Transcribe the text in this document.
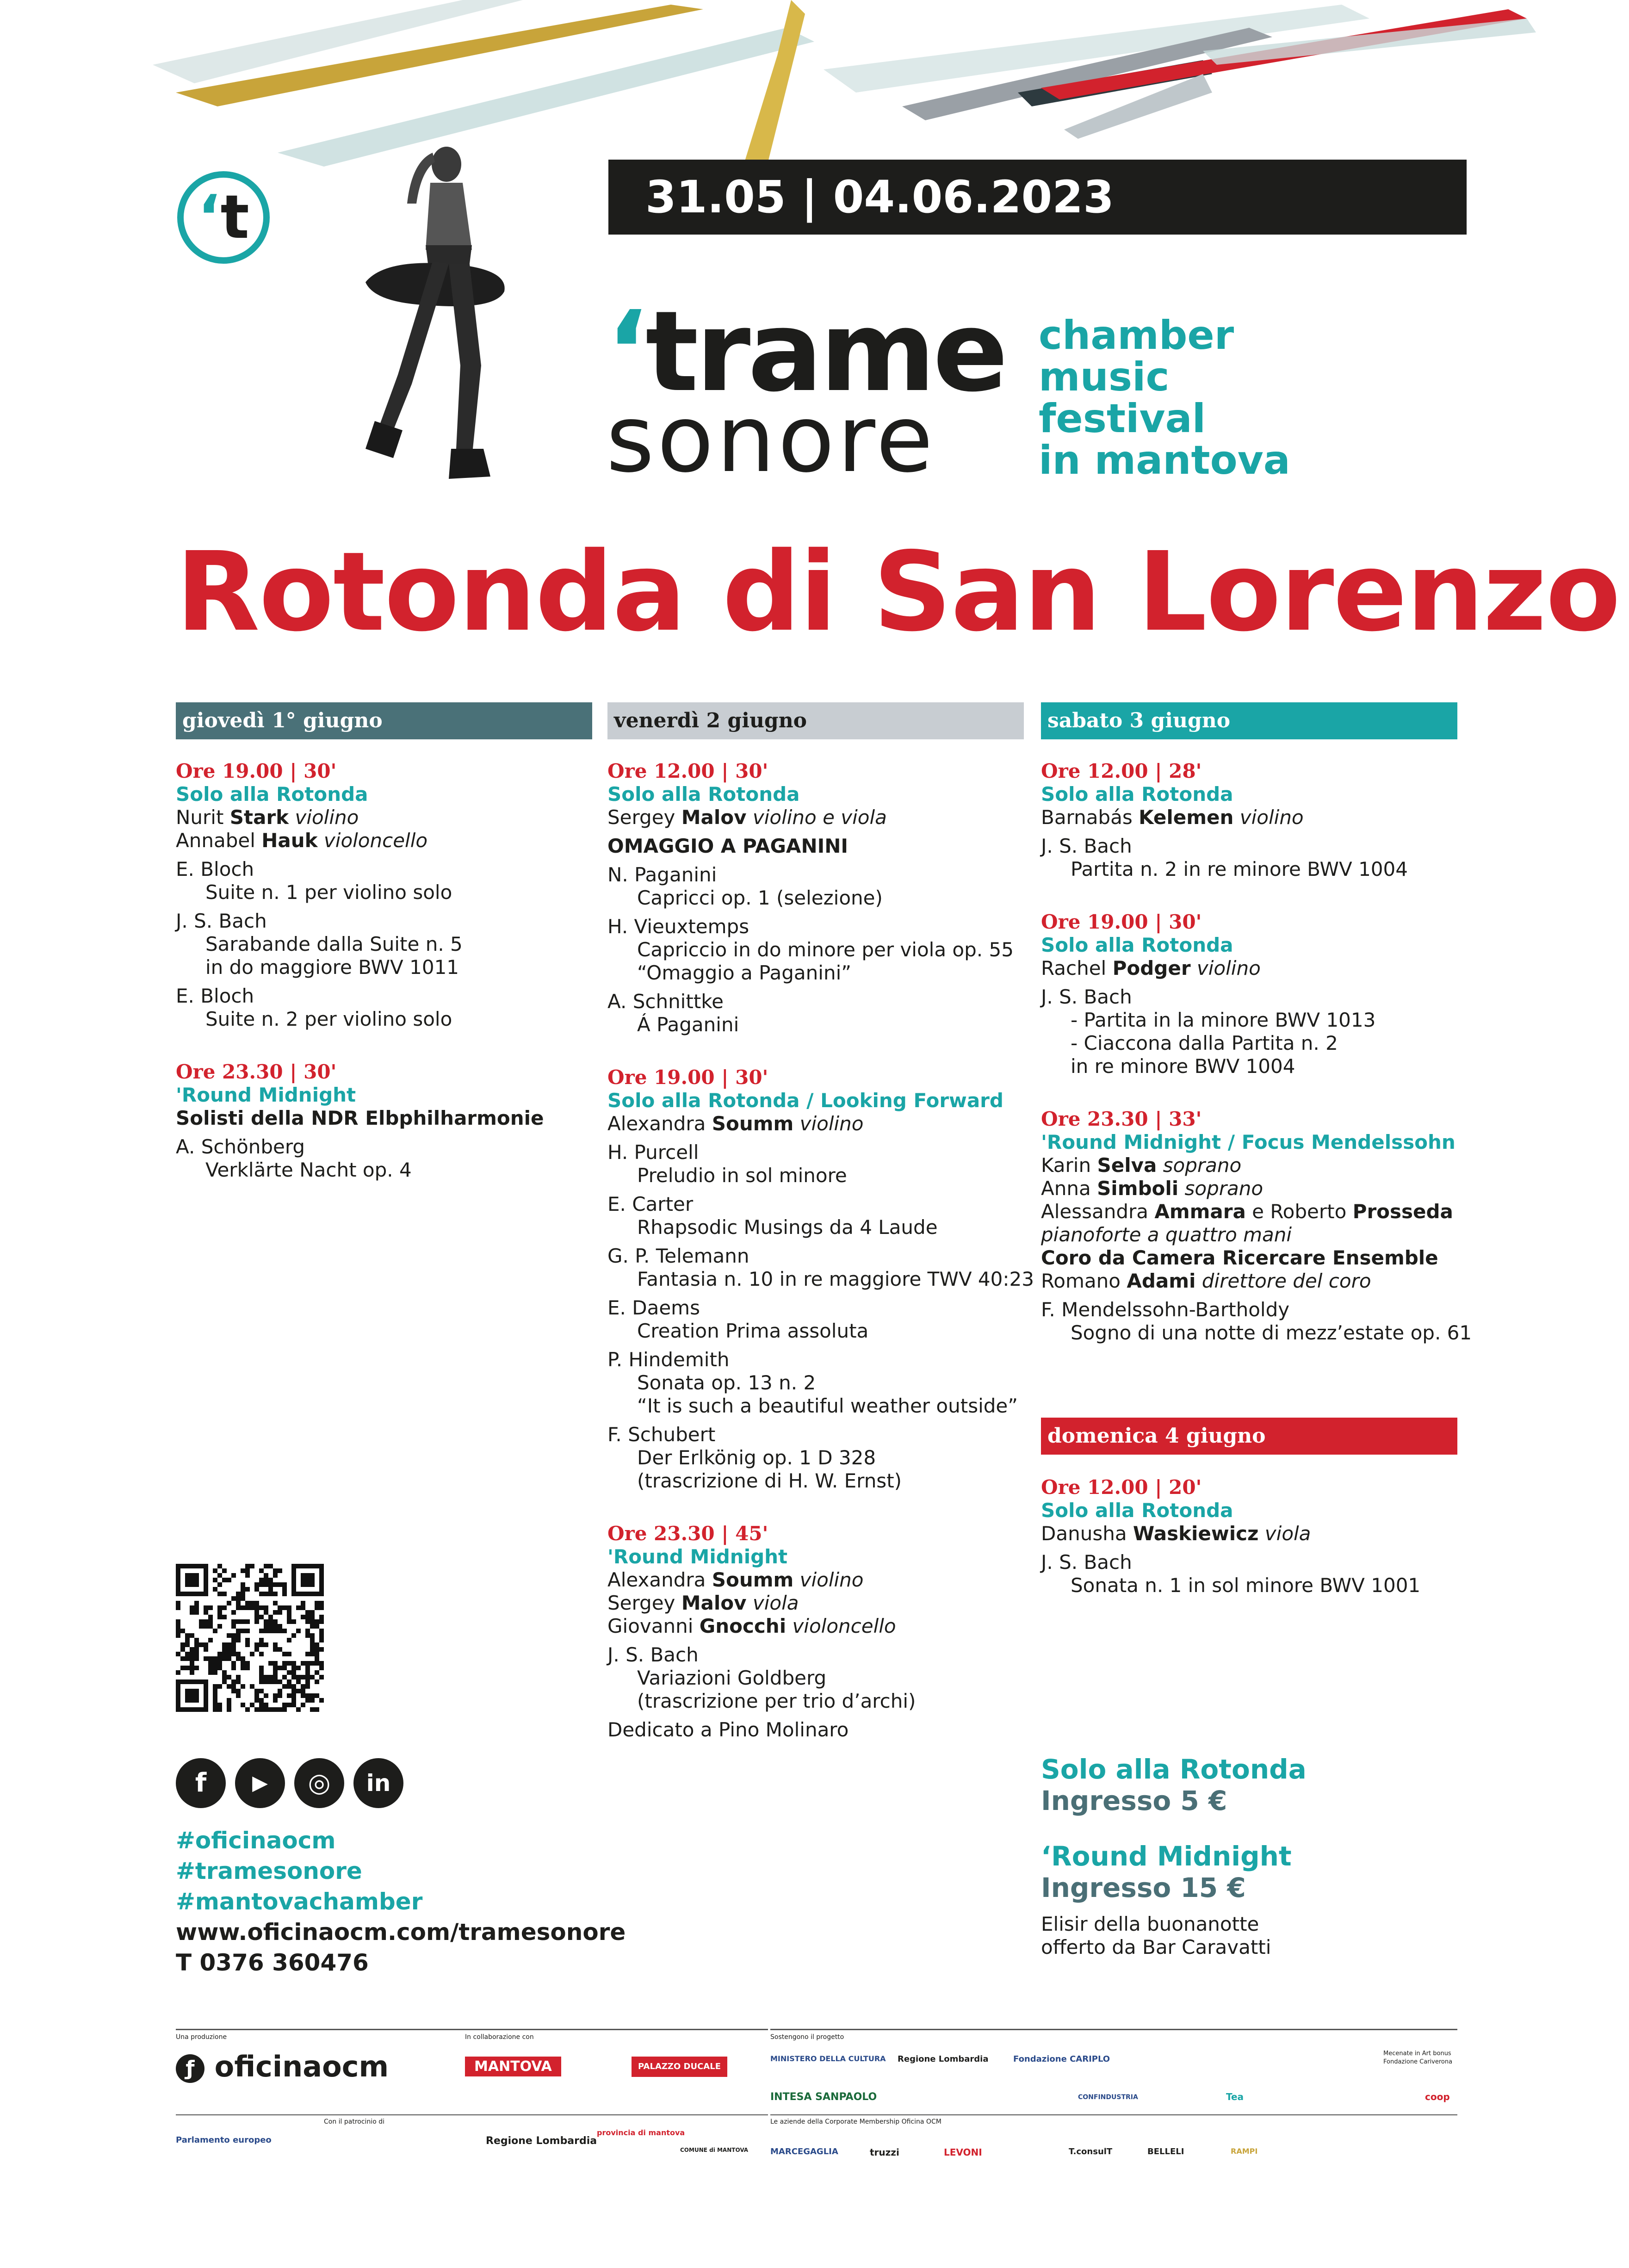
ʻt	31.05 | 04.06.2023
ʻtrame
sonore
chamber
music
festival
in mantova
Rotonda di San Lorenzo
giovedì 1° giugno	venerdì 2 giugno	sabato 3 giugno
domenica 4 giugno
Ore 19.00 | 30'
Solo alla Rotonda
Nurit Stark violino
Annabel Hauk violoncello
E. Bloch
Suite n. 1 per violino solo
J. S. Bach
Sarabande dalla Suite n. 5
in do maggiore BWV 1011
E. Bloch
Suite n. 2 per violino solo
Ore 23.30 | 30'
'Round Midnight
Solisti della NDR Elbphilharmonie
A. Schönberg
Verklärte Nacht op. 4
Ore 12.00 | 30'
Solo alla Rotonda
Sergey Malov violino e viola
OMAGGIO A PAGANINI
N. Paganini
Capricci op. 1 (selezione)
H. Vieuxtemps
Capriccio in do minore per viola op. 55
“Omaggio a Paganini”
A. Schnittke
Á Paganini
Ore 19.00 | 30'
Solo alla Rotonda / Looking Forward
Alexandra Soumm violino
H. Purcell
Preludio in sol minore
E. Carter
Rhapsodic Musings da 4 Laude
G. P. Telemann
Fantasia n. 10 in re maggiore TWV 40:23
E. Daems
Creation Prima assoluta
P. Hindemith
Sonata op. 13 n. 2
“It is such a beautiful weather outside”
F. Schubert
Der Erlkönig op. 1 D 328
(trascrizione di H. W. Ernst)
Ore 23.30 | 45'
'Round Midnight
Alexandra Soumm violino
Sergey Malov viola
Giovanni Gnocchi violoncello
J. S. Bach
Variazioni Goldberg
(trascrizione per trio d’archi)
Dedicato a Pino Molinaro
Ore 12.00 | 28'
Solo alla Rotonda
Barnabás Kelemen violino
J. S. Bach
Partita n. 2 in re minore BWV 1004
Ore 19.00 | 30'
Solo alla Rotonda
Rachel Podger violino
J. S. Bach
- Partita in la minore BWV 1013
- Ciaccona dalla Partita n. 2
in re minore BWV 1004
Ore 23.30 | 33'
'Round Midnight / Focus Mendelssohn
Karin Selva soprano
Anna Simboli soprano
Alessandra Ammara e Roberto Prosseda
pianoforte a quattro mani
Coro da Camera Ricercare Ensemble
Romano Adami direttore del coro
F. Mendelssohn-Bartholdy
Sogno di una notte di mezz’estate op. 61
Ore 12.00 | 20'
Solo alla Rotonda
Danusha Waskiewicz viola
J. S. Bach
Sonata n. 1 in sol minore BWV 1001
Solo alla Rotonda
Ingresso 5 €
‘Round Midnight
Ingresso 15 €
Elisir della buonanotte
offerto da Bar Caravatti
f	▶	◎	in
#oficinaocm
#tramesonore
#mantovachamber
www.oficinaocm.com/tramesonore
T 0376 360476
Una produzione
ƒ oficinaocm
In collaborazione con
MANTOVA	PALAZZO DUCALE
Con il patrocinio di
Parlamento europeo	Regione Lombardia
provincia di mantova
COMUNE di MANTOVA
Sostengono il progetto
MINISTERO DELLA CULTURA Regione Lombardia	Fondazione CARIPLO
Mecenate in Art bonus
Fondazione Cariverona
INTESA SANPAOLO	CONFINDUSTRIA	Tea	coop
Le aziende della Corporate Membership Oficina OCM
MARCEGAGLIA	truzzi	LEVONI	T.consulT	BELLELI	RAMPI
